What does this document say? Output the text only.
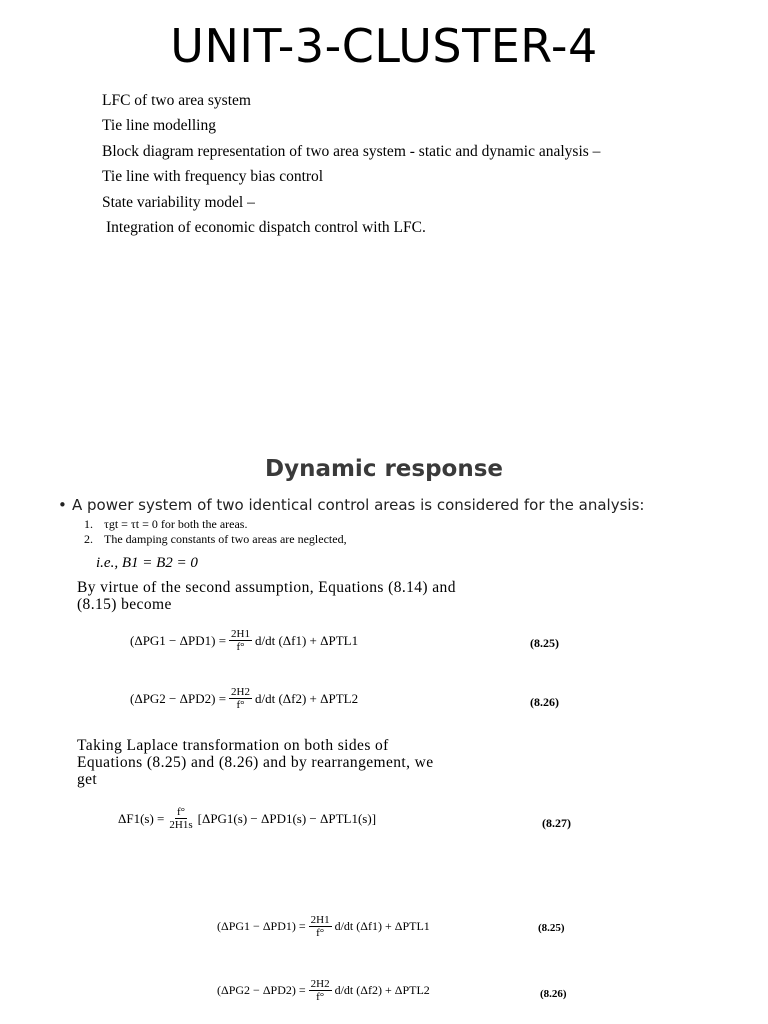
UNIT-3-CLUSTER-4
LFC of two area system
Tie line modelling
Block diagram representation of two area system - static and dynamic analysis –
Tie line with frequency bias control
State variability model –
Integration of economic dispatch control with LFC.
Dynamic response
• A power system of two identical control areas is considered for the analysis:
1. τgt = τt = 0 for both the areas.
2. The damping constants of two areas are neglected,
i.e., B1 = B2 = 0
By virtue of the second assumption, Equations (8.14) and
(8.15) become
Taking Laplace transformation on both sides of
Equations (8.25) and (8.26) and by rearrangement, we
get
$(\Delta PG1 - \Delta PD1) = \frac{2H1}{f^\circ} d/dt$ (Δf1) + ΔPTL1	(8.25)
$(\Delta PG2 - \Delta PD2) = \frac{2H2}{f^\circ} d/dt$ (Δf2) + ΔPTL2	(8.26)
$\Delta F1(s) = \frac{f^\circ}{2H1s} [\Delta PG1(s) - \Delta PD1(s) - \Delta PTL1(s)]$	(8.27)
$(\Delta PG1 - \Delta PD1) = \frac{2H1}{f^\circ} d/dt$ (Δf1) + ΔPTL1	(8.25)
$(\Delta PG2 - \Delta PD2) = \frac{2H2}{f^\circ} d/dt$ (Δf2) + ΔPTL2	(8.26)
